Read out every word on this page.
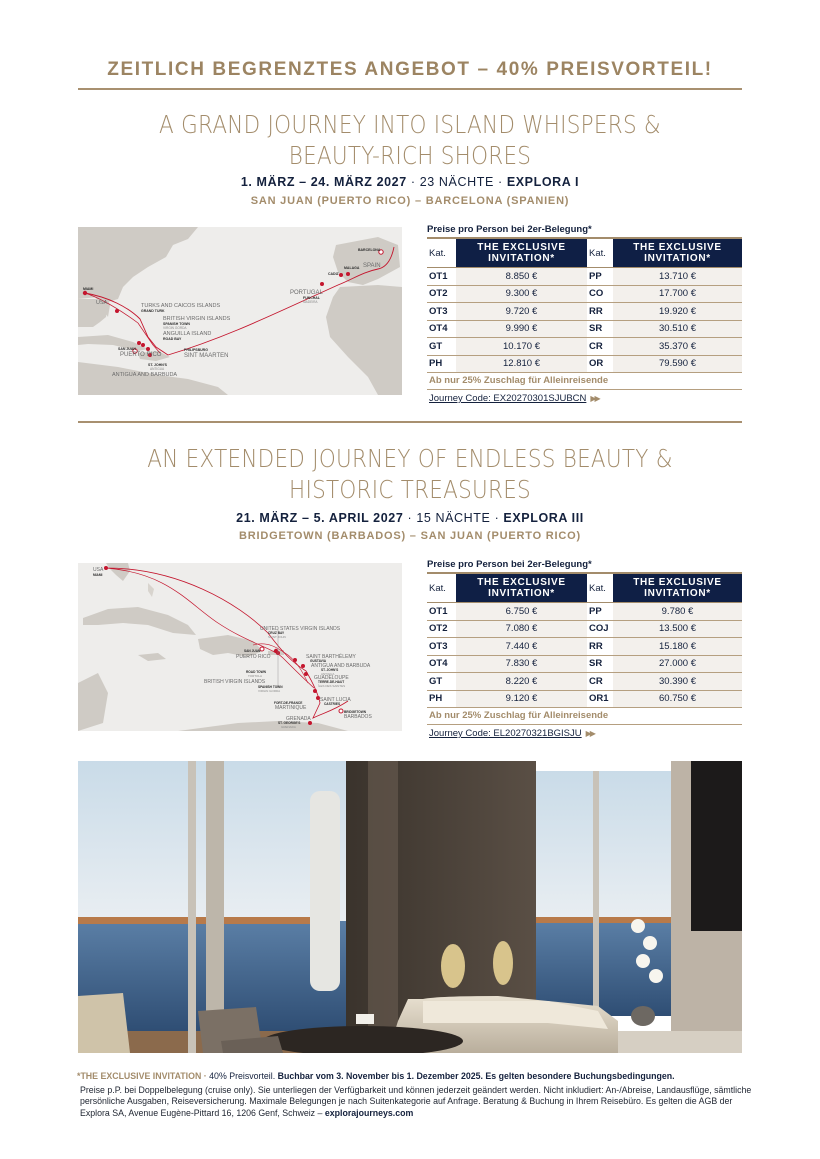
ZEITLICH BEGRENZTES ANGEBOT – 40% PREISVORTEIL!
A GRAND JOURNEY INTO ISLAND WHISPERS &
BEAUTY-RICH SHORES
1. MÄRZ – 24. MÄRZ 2027 · 23 NÄCHTE · EXPLORA I
SAN JUAN (PUERTO RICO) – BARCELONA (SPANIEN)
USA	TURKS AND CAICOS ISLANDS
BRITISH VIRGIN ISLANDS
ANGUILLA ISLAND
PUERTO RICO	SINT MAARTEN
ANTIGUA AND BARBUDA
PORTUGAL
SPAIN
MIAMI
GRAND TURK
SPANISH TOWN
ROAD BAY
SAN JUAN	PHILIPSBURG
ST. JOHN'S
FUNCHAL
BARCELONA
MALAGA
CADIZ
VIRGIN GORDA
ANTIGUA
MADEIRA
Preise pro Person bei 2er-Belegung*
Kat.	THE EXCLUSIVE
INVITATION*	Kat.	THE EXCLUSIVE
INVITATION*
OT1	8.850 €	PP	13.710 €
OT2	9.300 €	CO	17.700 €
OT3	9.720 €	RR	19.920 €
OT4	9.990 €	SR	30.510 €
GT	10.170 €	CR	35.370 €
PH	12.810 €	OR	79.590 €
Ab nur 25% Zuschlag für Alleinreisende
Journey Code: EX20270301SJUBCN ▶▶
AN EXTENDED JOURNEY OF ENDLESS BEAUTY &
HISTORIC TREASURES
21. MÄRZ – 5. APRIL 2027 · 15 NÄCHTE · EXPLORA III
BRIDGETOWN (BARBADOS) – SAN JUAN (PUERTO RICO)
USA
UNITED STATES VIRGIN ISLANDS
PUERTO RICO	SAINT BARTHÉLEMY
ANTIGUA AND BARBUDA
BRITISH VIRGIN ISLANDS
GUADELOUPE
MARTINIQUE
SAINT LUCIA
BARBADOS
GRENADA
MIAMI
CRUZ BAY
SAN JUAN
GUSTAVIA
ST. JOHN'S
ROAD TOWN
TERRE-DE-HAUT
SPANISH TOWN
FORT-DE-FRANCE	CASTRIES
BRIDGETOWN
ST. GEORGE'S
SAINT JOHN
ANTIGUA
TORTOLA
ÎLES DES SAINTES
VIRGIN GORDA
GRENADA
Preise pro Person bei 2er-Belegung*
Kat.	THE EXCLUSIVE
INVITATION*	Kat.	THE EXCLUSIVE
INVITATION*
OT1	6.750 €	PP	9.780 €
OT2	7.080 €	COJ	13.500 €
OT3	7.440 €	RR	15.180 €
OT4	7.830 €	SR	27.000 €
GT	8.220 €	CR	30.390 €
PH	9.120 €	OR1	60.750 €
Ab nur 25% Zuschlag für Alleinreisende
Journey Code: EL20270321BGISJU ▶▶
*THE EXCLUSIVE INVITATION · 40% Preisvorteil. Buchbar vom 3. November bis 1. Dezember 2025. Es gelten besondere Buchungsbedingungen.
Preise p.P. bei Doppelbelegung (cruise only). Sie unterliegen der Verfügbarkeit und können jederzeit geändert werden. Nicht inkludiert: An-/Abreise, Landausflüge, sämtliche persönliche Ausgaben, Reiseversicherung. Maximale Belegungen je nach Suitenkategorie auf Anfrage. Beratung & Buchung in Ihrem Reisebüro. Es gelten die AGB der Explora SA, Avenue Eugène-Pittard 16, 1206 Genf, Schweiz – explorajourneys.com
